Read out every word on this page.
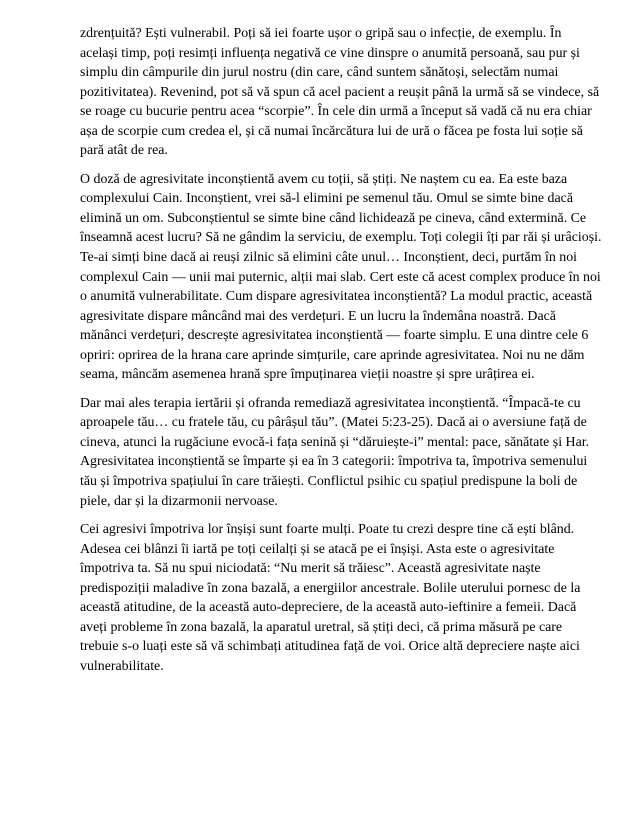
zdrențuită? Ești vulnerabil. Poți să iei foarte ușor o gripă sau o infecție, de exemplu. În același timp, poți resimți influența negativă ce vine dinspre o anumită persoană, sau pur și simplu din câmpurile din jurul nostru (din care, când suntem sănătoși, selectăm numai pozitivitatea). Revenind, pot să vă spun că acel pacient a reușit până la urmă să se vindece, să se roage cu bucurie pentru acea “scorpie”. În cele din urmă a început să vadă că nu era chiar așa de scorpie cum credea el, și că numai încărcătura lui de ură o făcea pe fosta lui soție să pară atât de rea.

O doză de agresivitate inconștientă avem cu toții, să știți. Ne naștem cu ea. Ea este baza complexului Cain. Inconștient, vrei să-l elimini pe semenul tău. Omul se simte bine dacă elimină un om. Subconștientul se simte bine când lichidează pe cineva, când extermină. Ce înseamnă acest lucru? Să ne gândim la serviciu, de exemplu. Toți colegii îți par răi și urâcioși. Te-ai simți bine dacă ai reuși zilnic să elimini câte unul… Inconștient, deci, purtăm în noi complexul Cain — unii mai puternic, alții mai slab. Cert este că acest complex produce în noi o anumită vulnerabilitate. Cum dispare agresivitatea inconștientă? La modul practic, această agresivitate dispare mâncând mai des verdețuri. E un lucru la îndemâna noastră. Dacă mănânci verdețuri, descrește agresivitatea inconștientă — foarte simplu. E una dintre cele 6 opriri: oprirea de la hrana care aprinde simțurile, care aprinde agresivitatea. Noi nu ne dăm seama, mâncăm asemenea hrană spre împuținarea vieții noastre și spre urâțirea ei.

Dar mai ales terapia iertării și ofranda remediază agresivitatea inconștientă. “Împacă-te cu aproapele tău… cu fratele tău, cu pârâșul tău”. (Matei 5:23-25). Dacă ai o aversiune față de cineva, atunci la rugăciune evocă-i fața senină și “dăruiește-i” mental: pace, sănătate și Har. Agresivitatea inconștientă se împarte și ea în 3 categorii: împotriva ta, împotriva semenului tău și împotriva spațiului în care trăiești. Conflictul psihic cu spațiul predispune la boli de piele, dar și la dizarmonii nervoase.

Cei agresivi împotriva lor înșiși sunt foarte mulți. Poate tu crezi despre tine că ești blând. Adesea cei blânzi îi iartă pe toți ceilalți și se atacă pe ei înșiși. Asta este o agresivitate împotriva ta. Să nu spui niciodată: “Nu merit să trăiesc”. Această agresivitate naște predispoziții maladive în zona bazală, a energiilor ancestrale. Bolile uterului pornesc de la această atitudine, de la această auto-depreciere, de la această auto-ieftinire a femeii. Dacă aveți probleme în zona bazală, la aparatul uretral, să știți deci, că prima măsură pe care trebuie s-o luați este să vă schimbați atitudinea față de voi. Orice altă depreciere naște aici vulnerabilitate.
